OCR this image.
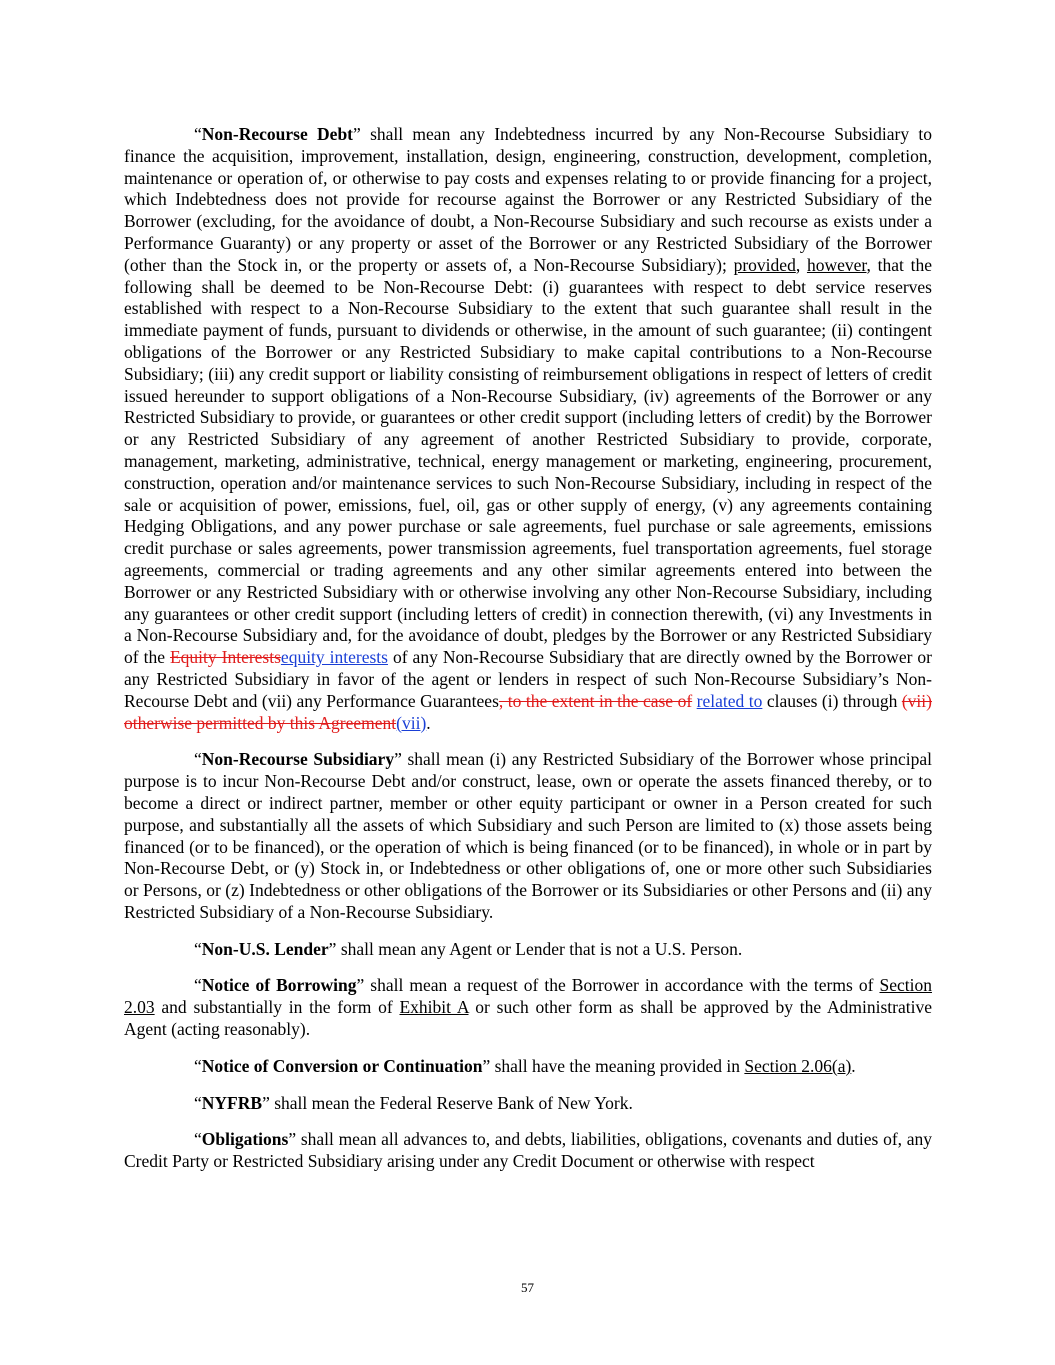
“Non-Recourse Debt” shall mean any Indebtedness incurred by any Non-Recourse Subsidiary to finance the acquisition, improvement, installation, design, engineering, construction, development, completion, maintenance or operation of, or otherwise to pay costs and expenses relating to or provide financing for a project, which Indebtedness does not provide for recourse against the Borrower or any Restricted Subsidiary of the Borrower (excluding, for the avoidance of doubt, a Non-Recourse Subsidiary and such recourse as exists under a Performance Guaranty) or any property or asset of the Borrower or any Restricted Subsidiary of the Borrower (other than the Stock in, or the property or assets of, a Non-Recourse Subsidiary); provided, however, that the following shall be deemed to be Non-Recourse Debt: (i) guarantees with respect to debt service reserves established with respect to a Non-Recourse Subsidiary to the extent that such guarantee shall result in the immediate payment of funds, pursuant to dividends or otherwise, in the amount of such guarantee; (ii) contingent obligations of the Borrower or any Restricted Subsidiary to make capital contributions to a Non-Recourse Subsidiary; (iii) any credit support or liability consisting of reimbursement obligations in respect of letters of credit issued hereunder to support obligations of a Non-Recourse Subsidiary, (iv) agreements of the Borrower or any Restricted Subsidiary to provide, or guarantees or other credit support (including letters of credit) by the Borrower or any Restricted Subsidiary of any agreement of another Restricted Subsidiary to provide, corporate, management, marketing, administrative, technical, energy management or marketing, engineering, procurement, construction, operation and/or maintenance services to such Non-Recourse Subsidiary, including in respect of the sale or acquisition of power, emissions, fuel, oil, gas or other supply of energy, (v) any agreements containing Hedging Obligations, and any power purchase or sale agreements, fuel purchase or sale agreements, emissions credit purchase or sales agreements, power transmission agreements, fuel transportation agreements, fuel storage agreements, commercial or trading agreements and any other similar agreements entered into between the Borrower or any Restricted Subsidiary with or otherwise involving any other Non-Recourse Subsidiary, including any guarantees or other credit support (including letters of credit) in connection therewith, (vi) any Investments in a Non-Recourse Subsidiary and, for the avoidance of doubt, pledges by the Borrower or any Restricted Subsidiary of the Equity Interestsequity interests of any Non-Recourse Subsidiary that are directly owned by the Borrower or any Restricted Subsidiary in favor of the agent or lenders in respect of such Non-Recourse Subsidiary’s Non-Recourse Debt and (vii) any Performance Guarantees, to the extent in the case of related to clauses (i) through (vii) otherwise permitted by this Agreement(vii).

“Non-Recourse Subsidiary” shall mean (i) any Restricted Subsidiary of the Borrower whose principal purpose is to incur Non-Recourse Debt and/or construct, lease, own or operate the assets financed thereby, or to become a direct or indirect partner, member or other equity participant or owner in a Person created for such purpose, and substantially all the assets of which Subsidiary and such Person are limited to (x) those assets being financed (or to be financed), or the operation of which is being financed (or to be financed), in whole or in part by Non-Recourse Debt, or (y) Stock in, or Indebtedness or other obligations of, one or more other such Subsidiaries or Persons, or (z) Indebtedness or other obligations of the Borrower or its Subsidiaries or other Persons and (ii) any Restricted Subsidiary of a Non-Recourse Subsidiary.

“Non-U.S. Lender” shall mean any Agent or Lender that is not a U.S. Person.

“Notice of Borrowing” shall mean a request of the Borrower in accordance with the terms of Section 2.03 and substantially in the form of Exhibit A or such other form as shall be approved by the Administrative Agent (acting reasonably).

“Notice of Conversion or Continuation” shall have the meaning provided in Section 2.06(a).

“NYFRB” shall mean the Federal Reserve Bank of New York.

“Obligations” shall mean all advances to, and debts, liabilities, obligations, covenants and duties of, any Credit Party or Restricted Subsidiary arising under any Credit Document or otherwise with respect

57
